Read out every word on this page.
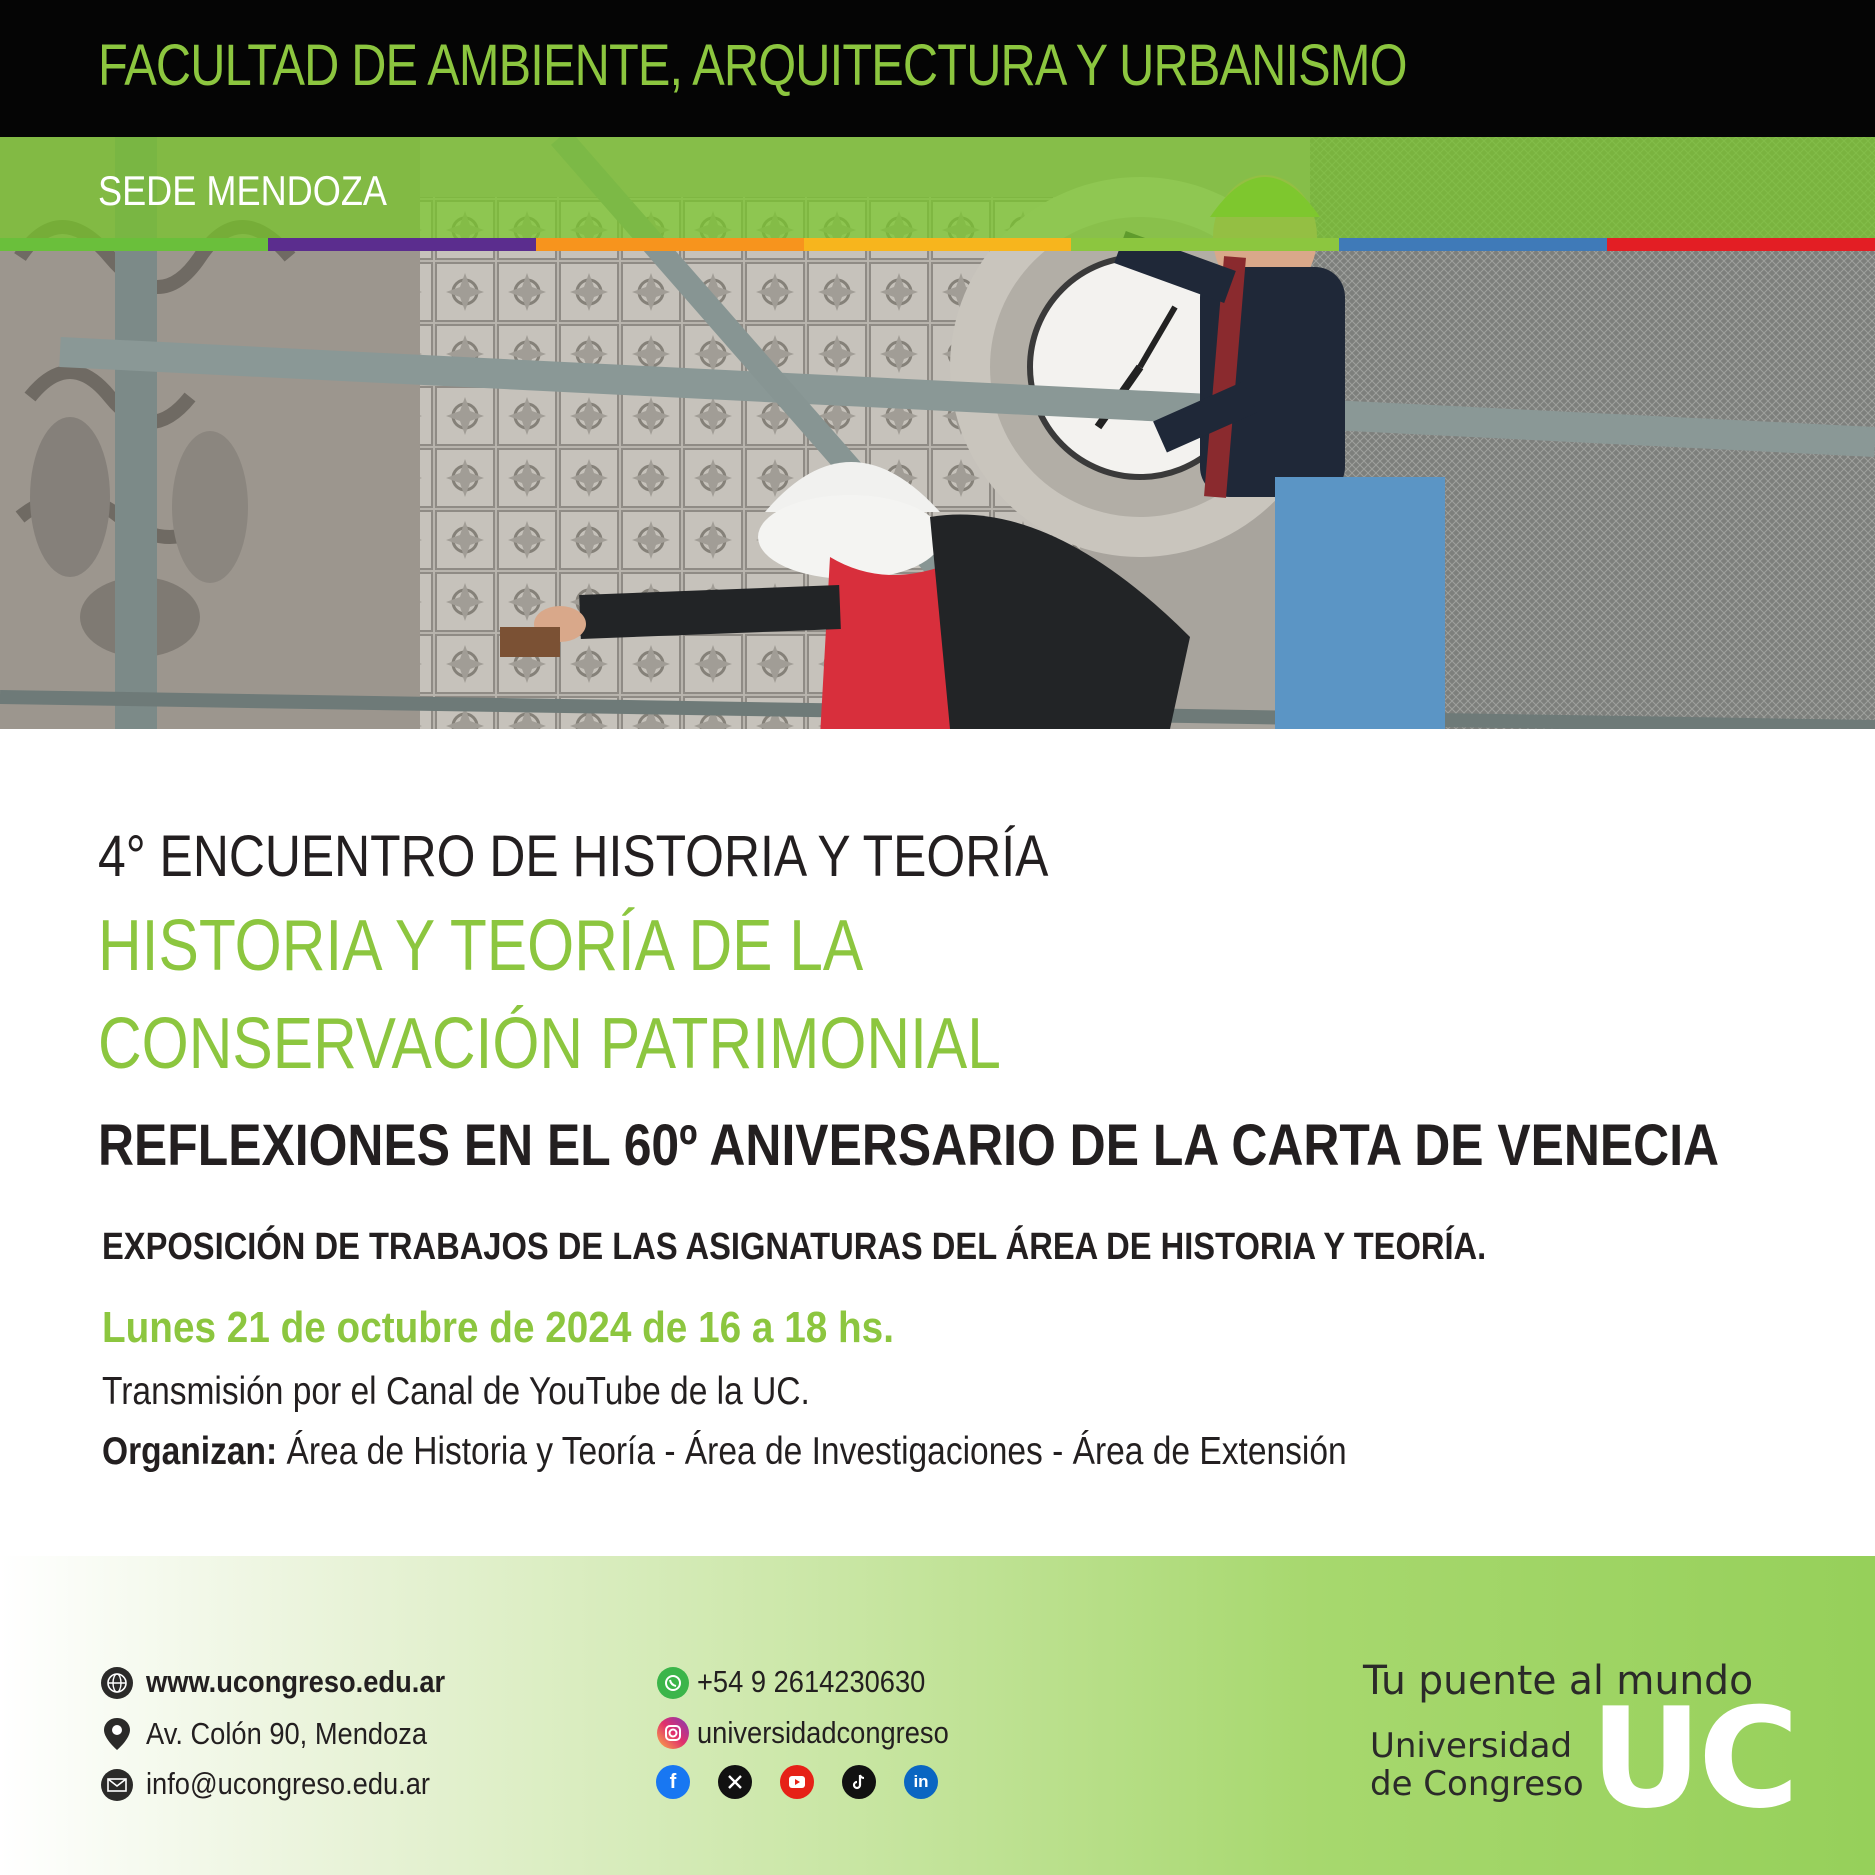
FACULTAD DE AMBIENTE, ARQUITECTURA Y URBANISMO
SEDE MENDOZA
4° ENCUENTRO DE HISTORIA Y TEORÍA
HISTORIA Y TEORÍA DE LA
CONSERVACIÓN PATRIMONIAL
REFLEXIONES EN EL 60º ANIVERSARIO DE LA CARTA DE VENECIA
EXPOSICIÓN DE TRABAJOS DE LAS ASIGNATURAS DEL ÁREA DE HISTORIA Y TEORÍA.
Lunes 21 de octubre de 2024 de 16 a 18 hs.
Transmisión por el Canal de YouTube de la UC.
Organizan: Área de Historia y Teoría - Área de Investigaciones - Área de Extensión
www.ucongreso.edu.ar
Av. Colón 90, Mendoza
info@ucongreso.edu.ar
+54 9 2614230630
universidadcongreso
f	in
Tu puente al mundo
Universidad
de Congreso UC
